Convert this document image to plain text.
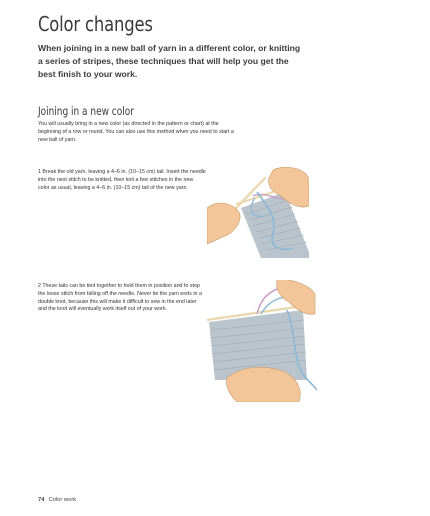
Color changes
When joining in a new ball of yarn in a different color, or knitting a series of stripes, these techniques that will help you get the best finish to your work.
Joining in a new color
You will usually bring in a new color (as directed in the pattern or chart) at the beginning of a row or round. You can also use this method when you need to start a new ball of yarn.
1 Break the old yarn, leaving a 4–6 in. (10–15 cm) tail. Insert the needle into the next stitch to be knitted, then knit a few stitches in the new color as usual, leaving a 4–6 in. (10–15 cm) tail of the new yarn.
2 These tails can be tied together to hold them in position and to stop the loose stitch from falling off the needle. Never tie the yarn ends in a double knot, because this will make it difficult to sew in the end later and the knot will eventually work itself out of your work.
74 Color work
